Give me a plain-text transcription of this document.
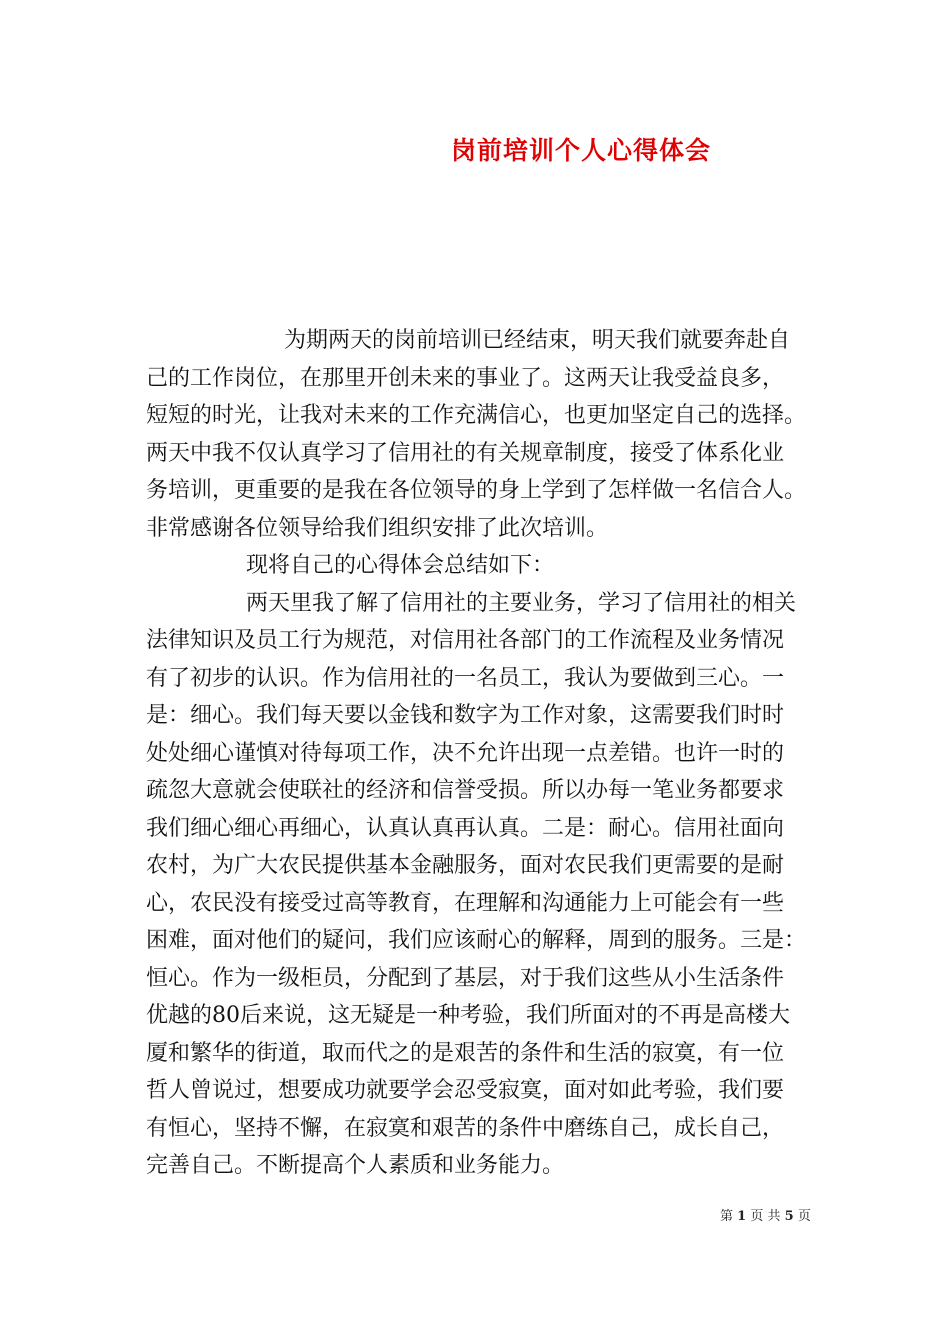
岗前培训个人心得体会
为期两天的岗前培训已经结束，明天我们就要奔赴自
己的工作岗位，在那里开创未来的事业了。这两天让我受益良多，
短短的时光，让我对未来的工作充满信心，也更加坚定自己的选择。
两天中我不仅认真学习了信用社的有关规章制度，接受了体系化业
务培训，更重要的是我在各位领导的身上学到了怎样做一名信合人。
非常感谢各位领导给我们组织安排了此次培训。
现将自己的心得体会总结如下：
两天里我了解了信用社的主要业务，学习了信用社的相关
法律知识及员工行为规范，对信用社各部门的工作流程及业务情况
有了初步的认识。作为信用社的一名员工，我认为要做到三心。一
是：细心。我们每天要以金钱和数字为工作对象，这需要我们时时
处处细心谨慎对待每项工作，决不允许出现一点差错。也许一时的
疏忽大意就会使联社的经济和信誉受损。所以办每一笔业务都要求
我们细心细心再细心，认真认真再认真。二是：耐心。信用社面向
农村，为广大农民提供基本金融服务，面对农民我们更需要的是耐
心，农民没有接受过高等教育，在理解和沟通能力上可能会有一些
困难，面对他们的疑问，我们应该耐心的解释，周到的服务。三是：
恒心。作为一级柜员，分配到了基层，对于我们这些从小生活条件
优越的80后来说，这无疑是一种考验，我们所面对的不再是高楼大
厦和繁华的街道，取而代之的是艰苦的条件和生活的寂寞，有一位
哲人曾说过，想要成功就要学会忍受寂寞，面对如此考验，我们要
有恒心，坚持不懈，在寂寞和艰苦的条件中磨练自己，成长自己，
完善自己。不断提高个人素质和业务能力。
第 1 页 共 5 页
